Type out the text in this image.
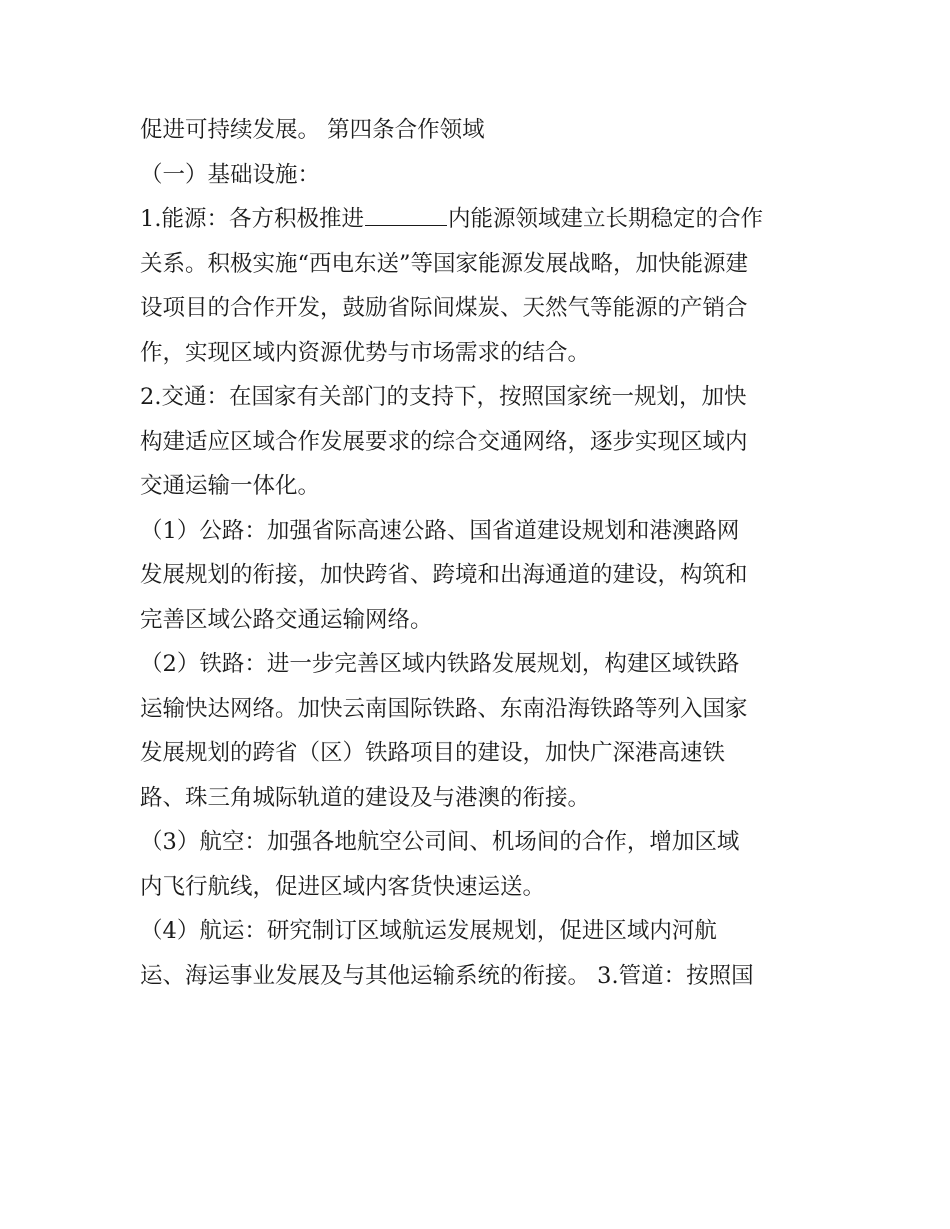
促进可持续发展。 第四条合作领域
（一）基础设施：
1.能源：各方积极推进	内能源领域建立长期稳定的合作
关系。积极实施“西电东送”等国家能源发展战略，加快能源建
设项目的合作开发，鼓励省际间煤炭、天然气等能源的产销合
作，实现区域内资源优势与市场需求的结合。
2.交通：在国家有关部门的支持下，按照国家统一规划，加快
构建适应区域合作发展要求的综合交通网络，逐步实现区域内
交通运输一体化。
（1）公路：加强省际高速公路、国省道建设规划和港澳路网
发展规划的衔接，加快跨省、跨境和出海通道的建设，构筑和
完善区域公路交通运输网络。
（2）铁路：进一步完善区域内铁路发展规划，构建区域铁路
运输快达网络。加快云南国际铁路、东南沿海铁路等列入国家
发展规划的跨省（区）铁路项目的建设，加快广深港高速铁
路、珠三角城际轨道的建设及与港澳的衔接。
（3）航空：加强各地航空公司间、机场间的合作，增加区域
内飞行航线，促进区域内客货快速运送。
（4）航运：研究制订区域航运发展规划，促进区域内河航
运、海运事业发展及与其他运输系统的衔接。 3.管道：按照国
